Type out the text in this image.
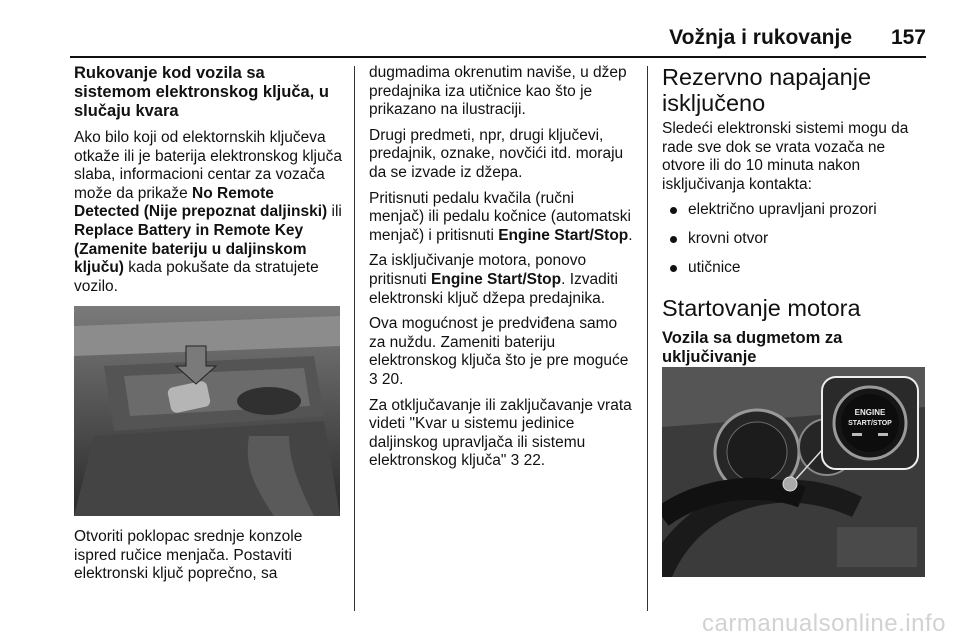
Vožnja i rukovanje 157
Rukovanje kod vozila sa sistemom elektronskog ključa, u slučaju kvara

Ako bilo koji od elektornskih ključeva otkaže ili je baterija elektronskog ključa slaba, informacioni centar za vozača može da prikaže No Remote Detected (Nije prepoznat daljinski) ili Replace Battery in Remote Key (Zamenite bateriju u daljinskom ključu) kada pokušate da stratujete vozilo.

Otvoriti poklopac srednje konzole ispred ručice menjača. Postaviti elektronski ključ poprečno, sa

dugmadima okrenutim naviše, u džep predajnika iza utičnice kao što je prikazano na ilustraciji.

Drugi predmeti, npr, drugi ključevi, predajnik, oznake, novčići itd. moraju da se izvade iz džepa.

Pritisnuti pedalu kvačila (ručni menjač) ili pedalu kočnice (automatski menjač) i pritisnuti Engine Start/Stop.

Za isključivanje motora, ponovo pritisnuti Engine Start/Stop. Izvaditi elektronski ključ džepa predajnika.

Ova mogućnost je predviđena samo za nuždu. Zameniti bateriju elektronskog ključa što je pre moguće 3 20.

Za otključavanje ili zaključavanje vrata videti "Kvar u sistemu jedinice daljinskog upravljača ili sistemu elektronskog ključa" 3 22.

Rezervno napajanje isključeno

Sledeći elektronski sistemi mogu da rade sve dok se vrata vozača ne otvore ili do 10 minuta nakon isključivanja kontakta:

električno upravljani prozori
krovni otvor
utičnice
Startovanje motora
Vozila sa dugmetom za uključivanje
ENGINE
START/STOP
carmanualsonline.info
